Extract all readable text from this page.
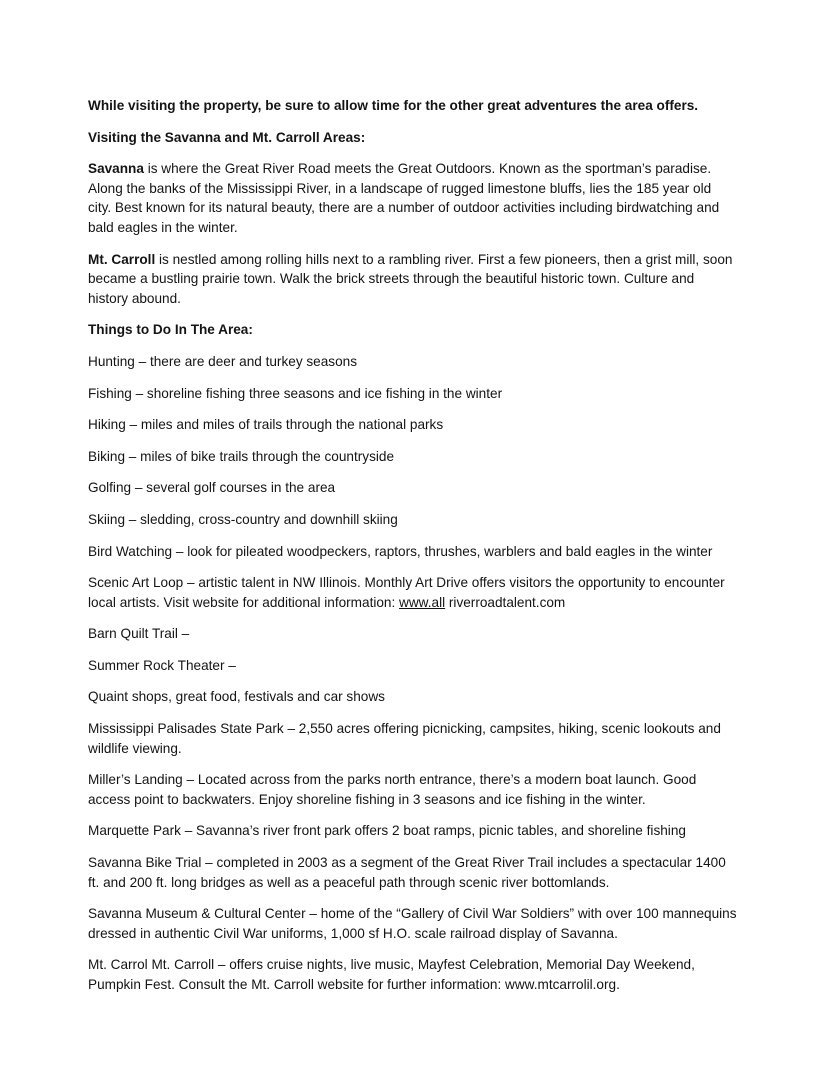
While visiting the property, be sure to allow time for the other great adventures the area offers.

Visiting the Savanna and Mt. Carroll Areas:

Savanna is where the Great River Road meets the Great Outdoors. Known as the sportman’s paradise. Along the banks of the Mississippi River, in a landscape of rugged limestone bluffs, lies the 185 year old city. Best known for its natural beauty, there are a number of outdoor activities including birdwatching and bald eagles in the winter.

Mt. Carroll is nestled among rolling hills next to a rambling river. First a few pioneers, then a grist mill, soon became a bustling prairie town. Walk the brick streets through the beautiful historic town. Culture and history abound.

Things to Do In The Area:

Hunting – there are deer and turkey seasons

Fishing – shoreline fishing three seasons and ice fishing in the winter

Hiking – miles and miles of trails through the national parks

Biking – miles of bike trails through the countryside

Golfing – several golf courses in the area

Skiing – sledding, cross-country and downhill skiing

Bird Watching – look for pileated woodpeckers, raptors, thrushes, warblers and bald eagles in the winter

Scenic Art Loop – artistic talent in NW Illinois. Monthly Art Drive offers visitors the opportunity to encounter local artists. Visit website for additional information: www.all riverroadtalent.com

Barn Quilt Trail –

Summer Rock Theater –

Quaint shops, great food, festivals and car shows

Mississippi Palisades State Park – 2,550 acres offering picnicking, campsites, hiking, scenic lookouts and wildlife viewing.

Miller’s Landing – Located across from the parks north entrance, there’s a modern boat launch. Good access point to backwaters. Enjoy shoreline fishing in 3 seasons and ice fishing in the winter.

Marquette Park – Savanna’s river front park offers 2 boat ramps, picnic tables, and shoreline fishing

Savanna Bike Trial – completed in 2003 as a segment of the Great River Trail includes a spectacular 1400 ft. and 200 ft. long bridges as well as a peaceful path through scenic river bottomlands.

Savanna Museum & Cultural Center – home of the “Gallery of Civil War Soldiers” with over 100 mannequins dressed in authentic Civil War uniforms, 1,000 sf H.O. scale railroad display of Savanna.

Mt. Carrol Mt. Carroll – offers cruise nights, live music, Mayfest Celebration, Memorial Day Weekend, Pumpkin Fest. Consult the Mt. Carroll website for further information: www.mtcarrolil.org.
